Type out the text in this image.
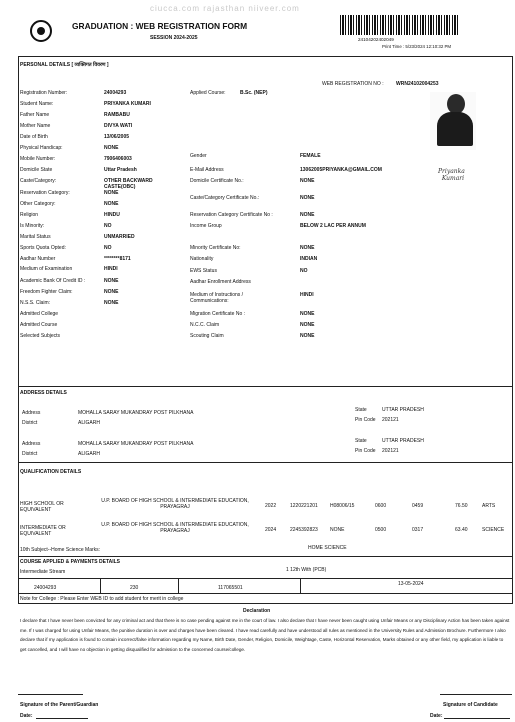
ciucca.com rajasthan niiveer.com
GRADUATION : WEB REGISTRATION FORM
SESSION 2024-2025	24104202402049
Print Time : 5/23/2024 12:10:32 PM
PERSONAL DETAILS [ व्यक्तिगत विवरण ]
WEB REGISTRATION NO : WRN24102004253
Priyanka
Kumari
Registration Number:	24004293
Student Name:	PRIYANKA KUMARI
Father Name	RAMBABU
Mother Name	DIVYA WATI
Date of Birth	13/06/2005
Physical Handicap:	NONE
Mobile Number:	7906406003
Domicile State	Uttar Pradesh
Caste/Category:	OTHER BACKWARD CASTE(OBC)
Reservation Category:	NONE
Other Category:	NONE
Religion	HINDU
Is Minority:	NO
Marital Status	UNMARRIED
Sports Quota Opted:	NO
Aadhar Number	********8171
Medium of Examination	HINDI
Academic Bank Of Credit ID :	NONE
Freedom Fighter Claim:	NONE
N.S.S. Claim:	NONE
Admitted College
Admitted Course
Selected Subjects
Applied Course:	B.Sc. (NEP)
Gender	FEMALE
E-Mail Address	13062005PRIYANKA@GMAIL.COM
Domicile Certificate No.:	NONE
Caste/Category Certificate No.:	NONE
Reservation Category Certificate No :	NONE
Income Group	BELOW 2 LAC PER ANNUM
Minority Certificate No:	NONE
Nationality	INDIAN
EWS Status	NO
Aadhar Enrollment Address
Medium of Instructions / Communications:
HINDI
Migration Certificate No :	NONE
N.C.C. Claim	NONE
Scouting Claim	NONE
ADDRESS DETAILS
Address	MOHALLA SARAY MUKANDRAY POST PILKHANA
District	ALIGARH
State	UTTAR PRADESH
Pin Code 202121
Address	MOHALLA SARAY MUKANDRAY POST PILKHANA
District	ALIGARH
State	UTTAR PRADESH
Pin Code 202121
QUALIFICATION DETAILS
HIGH SCHOOL OR EQUIVALENT
U.P. BOARD OF HIGH SCHOOL & INTERMEDIATE EDUCATION, PRAYAGRAJ	2022	1220221201 H08006/15	0600	0459	76.50	ARTS
INTERMEDIATE OR EQUIVALENT
U.P. BOARD OF HIGH SCHOOL & INTERMEDIATE EDUCATION, PRAYAGRAJ	2024	2245392823 NONE	0500	0317	63.40	SCIENCE
10th Subject--Home Science Marks:	HOME SCIENCE
COURSE APPLIED & PAYMENTS DETAILS
Intermediate Stream	1 12th With (PCB)
24004293	230	117065501
13-05-2024
Note for College : Please Enter WEB ID to add student for merit in college
Declaration
I declare that I have never been convicted for any criminal act and that there is no case pending against me in the court of law. I also declare that I have never been caught using Unfair Means or any Disciplinary Action has been taken against me. If I was charged for using Unfair Means, the punitive duration is over and charges have been cleared. I have read carefully and have understood all rules as mentioned in the University Rules and Admission Brochure. Furthermore I also declare that if my application is found to contain incorrect/false information regarding my Name, Birth Date, Gender, Religion, Domicile, Weightage, Caste, Horizontal Reservation, Marks obtained or any other field, my application is liable to get cancelled, and I will have no objection in getting disqualified for admission to the concerned course/college.
Signature of the Parent/Guardian
Date:
Signature of Candidate
Date:
